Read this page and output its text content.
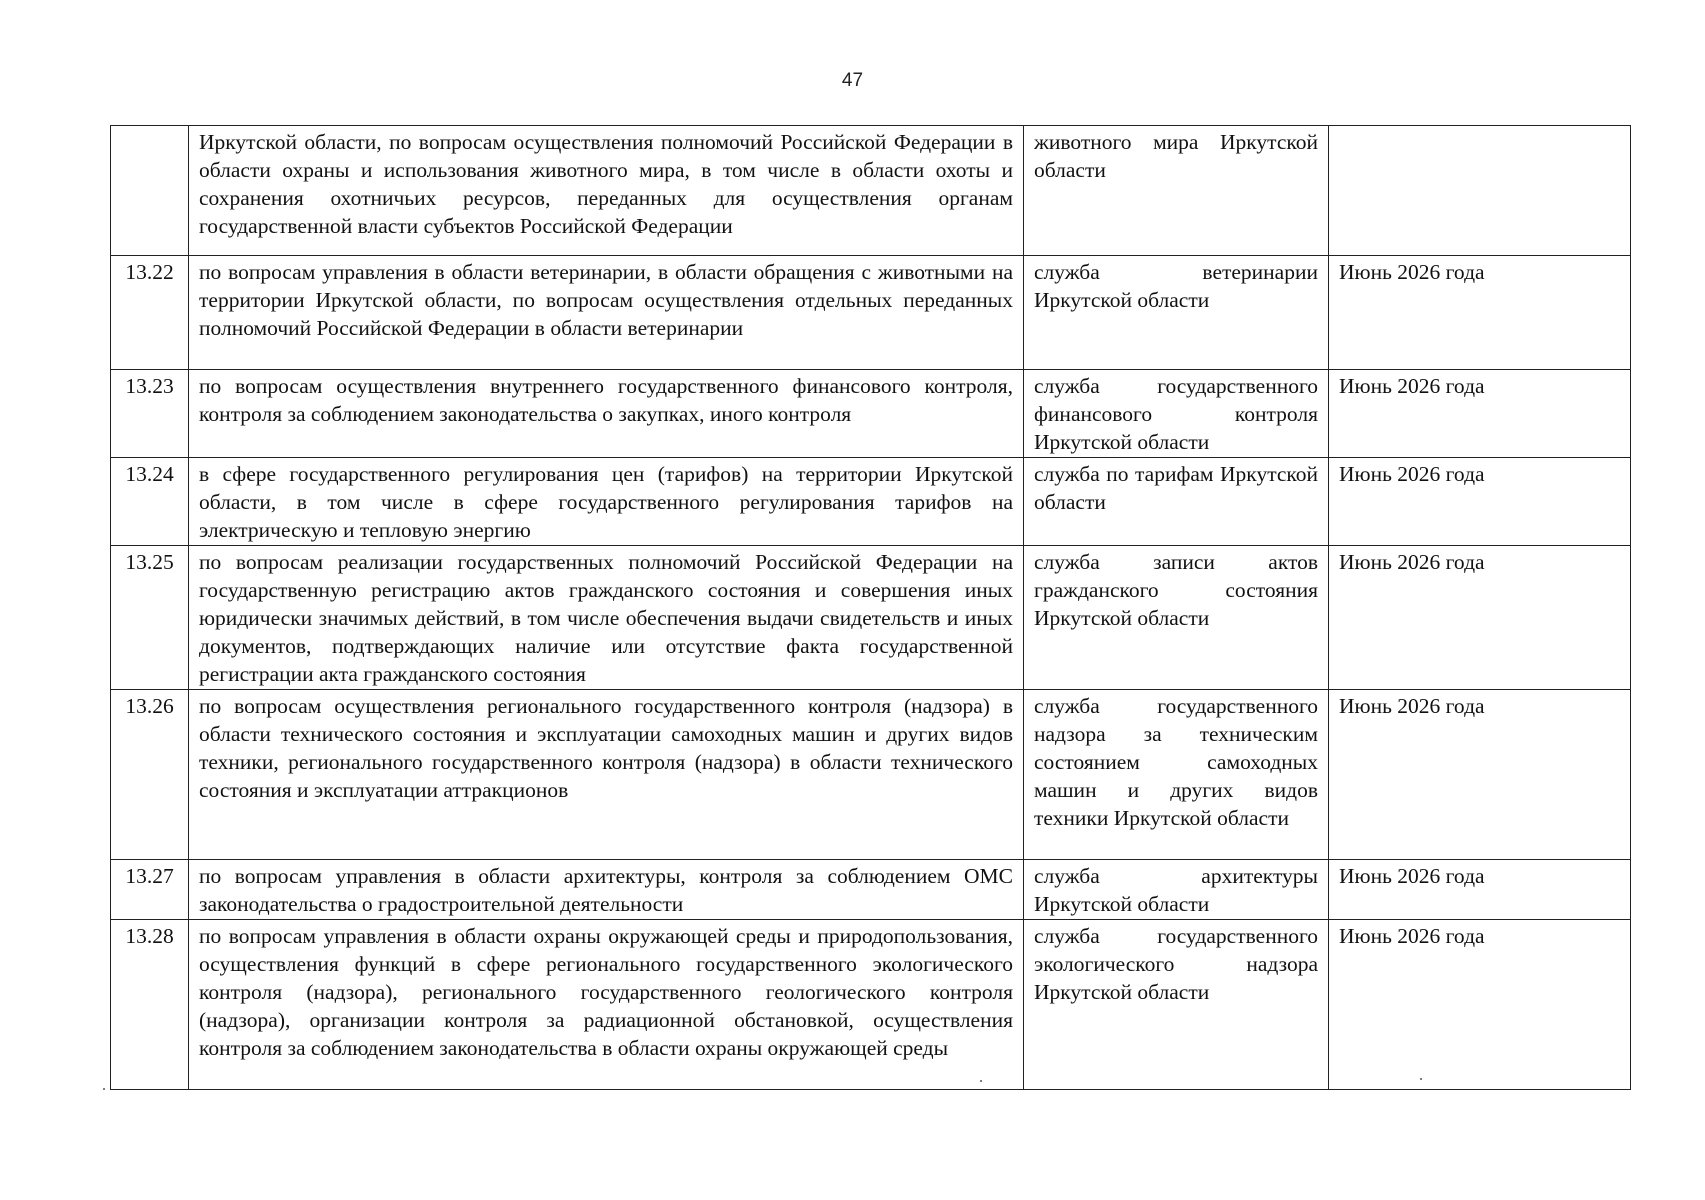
47
	Иркутской области, по вопросам осуществления полномочий Российской Федерации в области охраны и использования животного мира, в том числе в области охоты и сохранения охотничьих ресурсов, переданных для осуществления органам государственной власти субъектов Российской Федерации	животного мира Иркутской области	
13.22	по вопросам управления в области ветеринарии, в области обращения с животными на территории Иркутской области, по вопросам осуществления отдельных переданных полномочий Российской Федерации в области ветеринарии	служба ветеринарии Иркутской области	Июнь 2026 года
13.23	по вопросам осуществления внутреннего государственного финансового контроля, контроля за соблюдением законодательства о закупках, иного контроля	служба государственного финансового контроля Иркутской области	Июнь 2026 года
13.24	в сфере государственного регулирования цен (тарифов) на территории Иркутской области, в том числе в сфере государственного регулирования тарифов на электрическую и тепловую энергию	служба по тарифам Иркутской области	Июнь 2026 года
13.25	по вопросам реализации государственных полномочий Российской Федерации на государственную регистрацию актов гражданского состояния и совершения иных юридически значимых действий, в том числе обеспечения выдачи свидетельств и иных документов, подтверждающих наличие или отсутствие факта государственной регистрации акта гражданского состояния	служба записи актов гражданского состояния Иркутской области	Июнь 2026 года
13.26	по вопросам осуществления регионального государственного контроля (надзора) в области технического состояния и эксплуатации самоходных машин и других видов техники, регионального государственного контроля (надзора) в области технического состояния и эксплуатации аттракционов	служба государственного надзора за техническим состоянием самоходных машин и других видов техники Иркутской области	Июнь 2026 года
13.27	по вопросам управления в области архитектуры, контроля за соблюдением ОМС законодательства о градостроительной деятельности	служба архитектуры Иркутской области	Июнь 2026 года
13.28	по вопросам управления в области охраны окружающей среды и природопользования, осуществления функций в сфере регионального государственного экологического контроля (надзора), регионального государственного геологического контроля (надзора), организации контроля за радиационной обстановкой, осуществления контроля за соблюдением законодательства в области охраны окружающей среды	служба государственного экологического надзора Иркутской области	Июнь 2026 года
